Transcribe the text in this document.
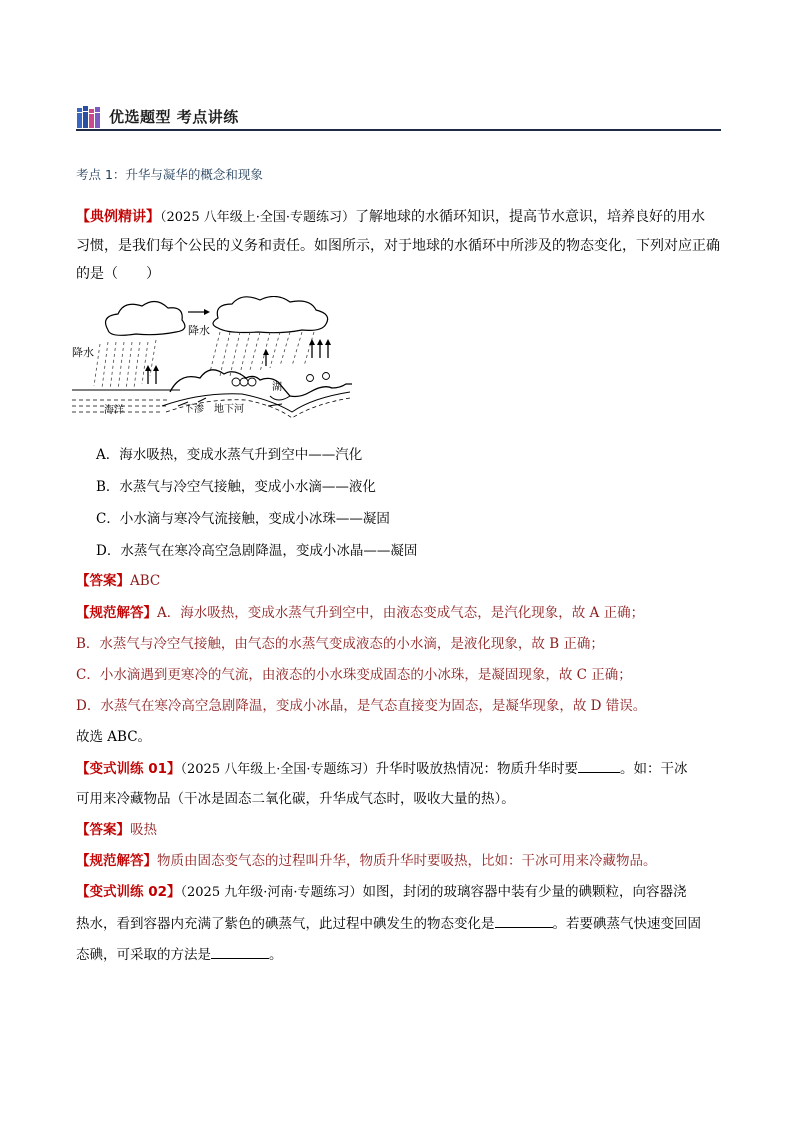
优选题型 考点讲练
考点 1：升华与凝华的概念和现象
【典例精讲】（2025 八年级上·全国·专题练习）了解地球的水循环知识，提高节水意识，培养良好的用水
习惯，是我们每个公民的义务和责任。如图所示，对于地球的水循环中所涉及的物态变化，下列对应正确
的是（　　）
降水
降水
海洋	下渗 地下河
湖
A．海水吸热，变成水蒸气升到空中——汽化
B．水蒸气与冷空气接触，变成小水滴——液化
C．小水滴与寒冷气流接触，变成小冰珠——凝固
D．水蒸气在寒冷高空急剧降温，变成小冰晶——凝固
【答案】ABC
【规范解答】A．海水吸热，变成水蒸气升到空中，由液态变成气态，是汽化现象，故 A 正确；
B．水蒸气与冷空气接触，由气态的水蒸气变成液态的小水滴，是液化现象，故 B 正确；
C．小水滴遇到更寒冷的气流，由液态的小水珠变成固态的小冰珠，是凝固现象，故 C 正确；
D．水蒸气在寒冷高空急剧降温，变成小冰晶，是气态直接变为固态，是凝华现象，故 D 错误。
故选 ABC。
【变式训练 01】（2025 八年级上·全国·专题练习）升华时吸放热情况：物质升华时要	。如：干冰
可用来冷藏物品（干冰是固态二氧化碳，升华成气态时，吸收大量的热）。
【答案】吸热
【规范解答】物质由固态变气态的过程叫升华，物质升华时要吸热，比如：干冰可用来冷藏物品。
【变式训练 02】（2025 九年级·河南·专题练习）如图，封闭的玻璃容器中装有少量的碘颗粒，向容器浇
热水，看到容器内充满了紫色的碘蒸气，此过程中碘发生的物态变化是	。若要碘蒸气快速变回固
态碘，可采取的方法是	。
